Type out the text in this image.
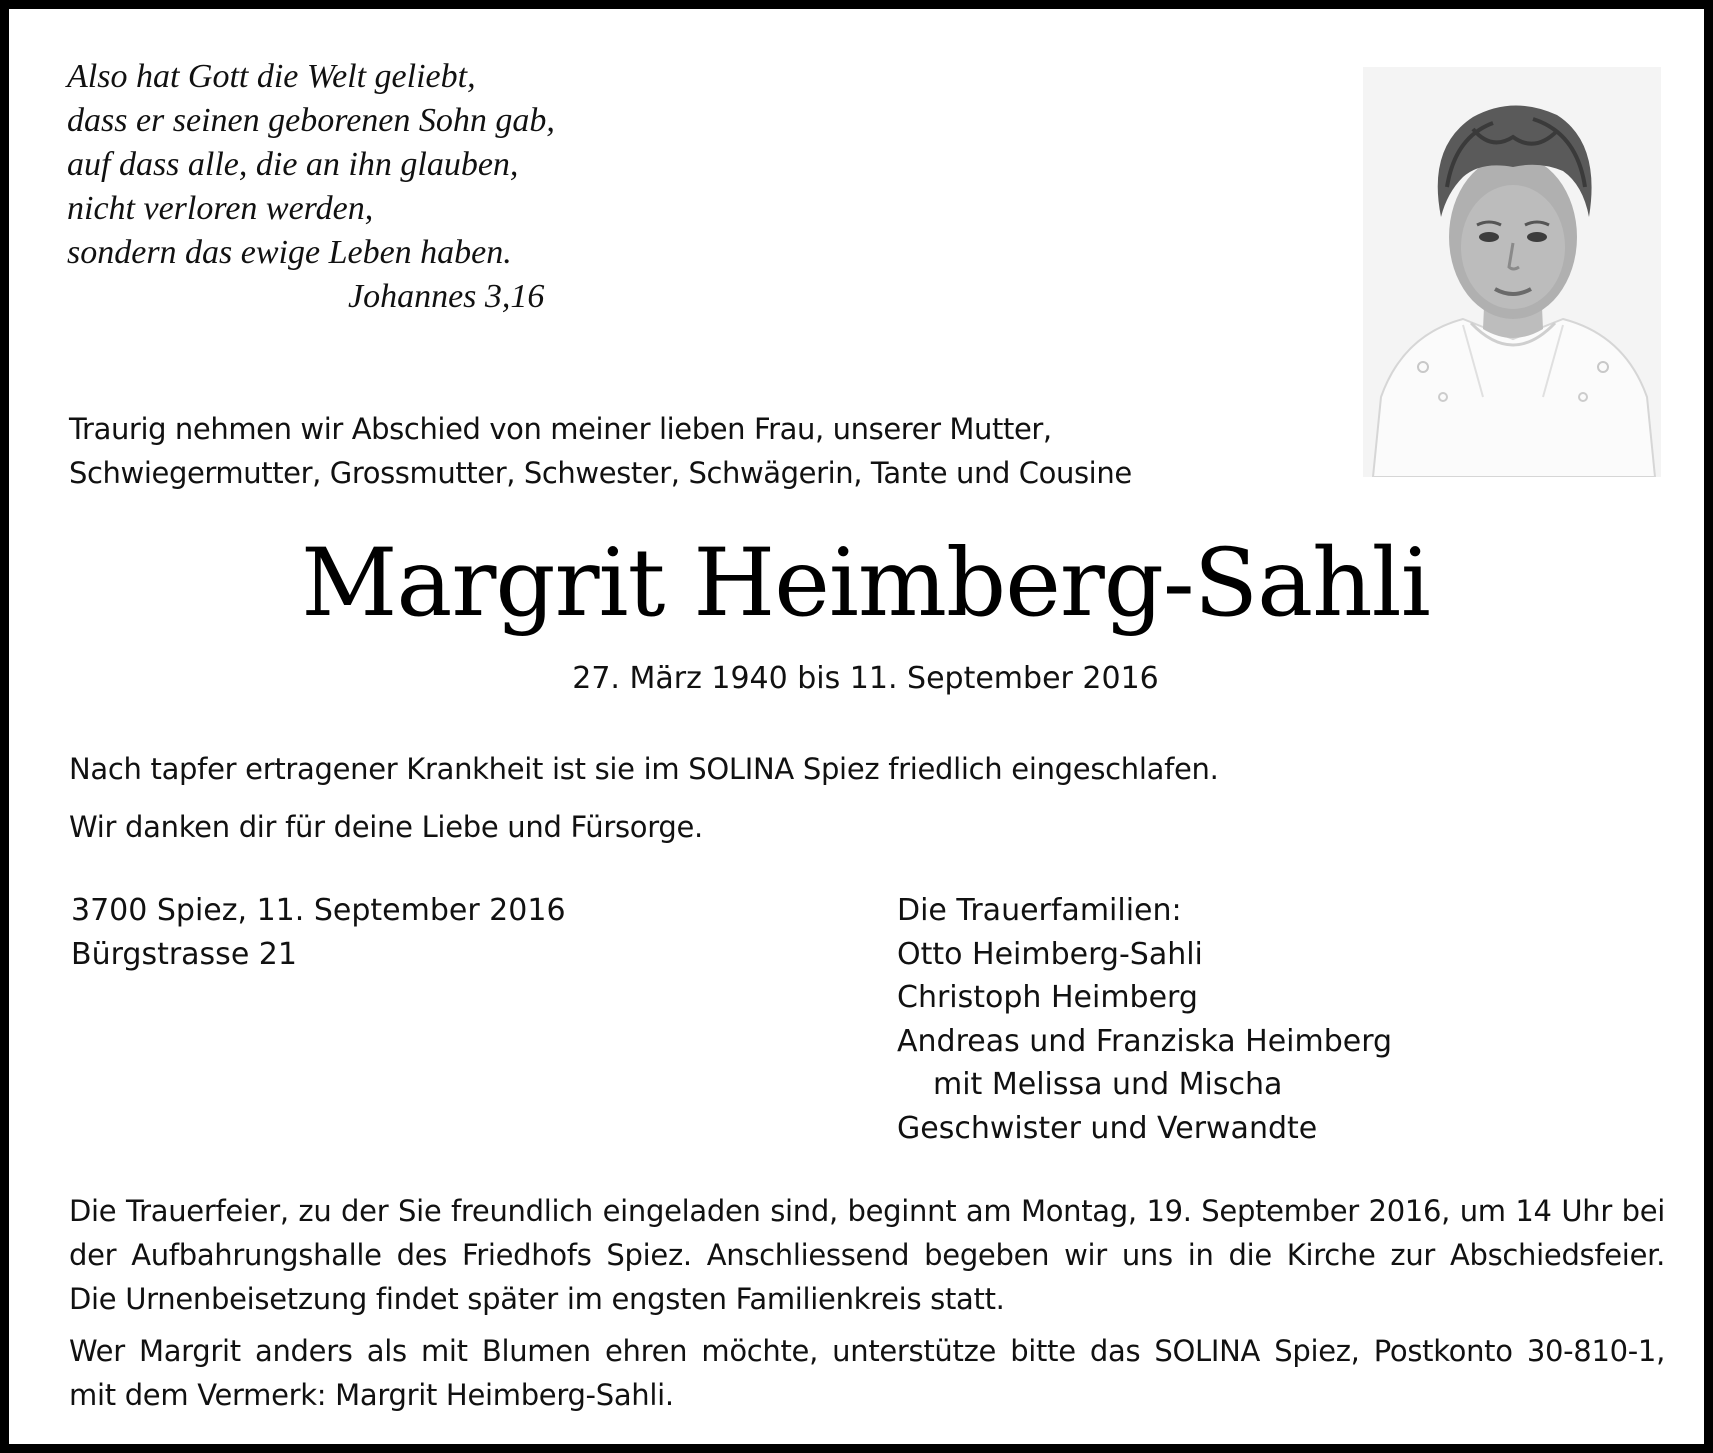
Also hat Gott die Welt geliebt,
dass er seinen geborenen Sohn gab,
auf dass alle, die an ihn glauben,
nicht verloren werden,
sondern das ewige Leben haben.
Johannes 3,16
Traurig nehmen wir Abschied von meiner lieben Frau, unserer Mutter,
Schwiegermutter, Grossmutter, Schwester, Schwägerin, Tante und Cousine
Margrit Heimberg-Sahli
27. März 1940 bis 11. September 2016
Nach tapfer ertragener Krankheit ist sie im SOLINA Spiez friedlich eingeschlafen.
Wir danken dir für deine Liebe und Fürsorge.
3700 Spiez, 11. September 2016
Bürgstrasse 21
Die Trauerfamilien:
Otto Heimberg-Sahli
Christoph Heimberg
Andreas und Franziska Heimberg
mit Melissa und Mischa
Geschwister und Verwandte
Die Trauerfeier, zu der Sie freundlich eingeladen sind, beginnt am Montag, 19. September 2016, um 14 Uhr bei
der Aufbahrungshalle des Friedhofs Spiez. Anschliessend begeben wir uns in die Kirche zur Abschiedsfeier.
Die Urnenbeisetzung findet später im engsten Familienkreis statt.
Wer Margrit anders als mit Blumen ehren möchte, unterstütze bitte das SOLINA Spiez, Postkonto 30-810-1,
mit dem Vermerk: Margrit Heimberg-Sahli.
